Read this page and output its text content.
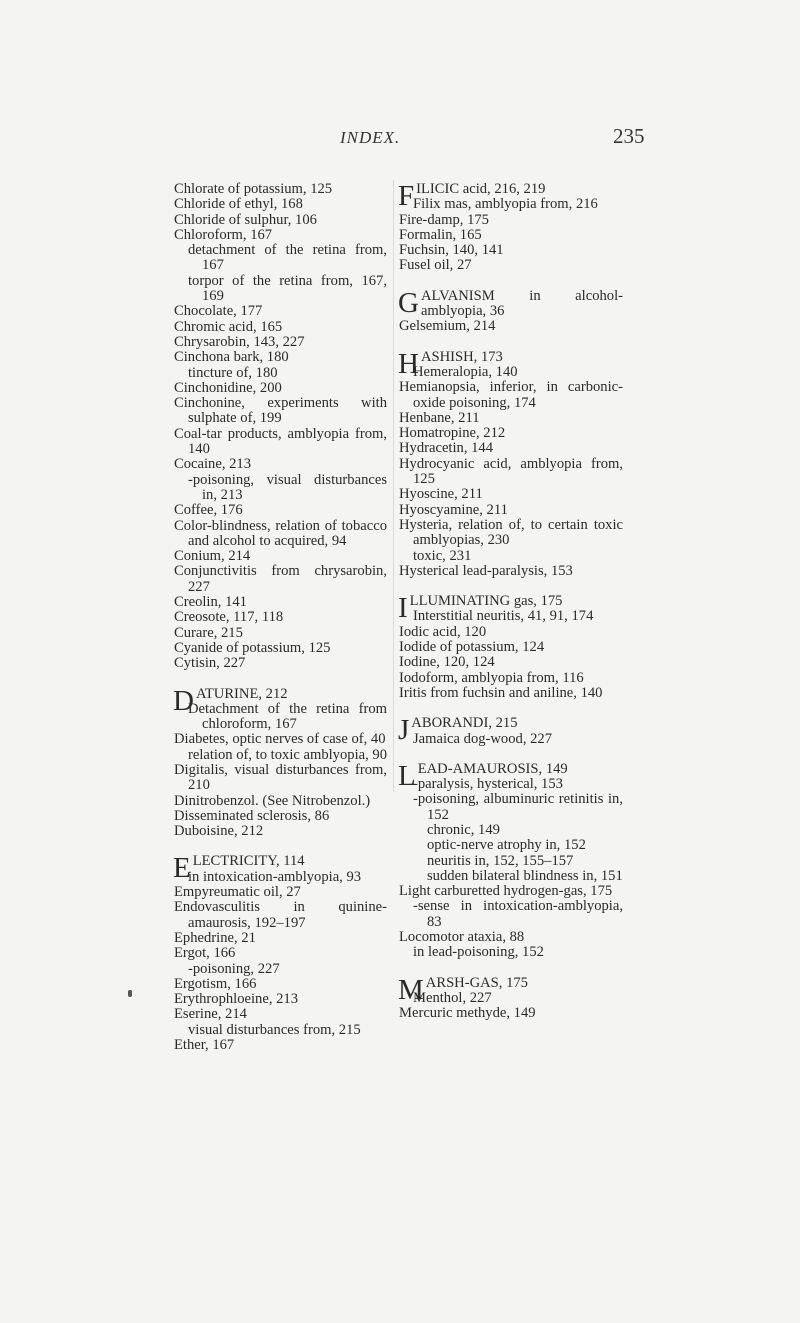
INDEX.	235
Chlorate of potassium, 125
Chloride of ethyl, 168
Chloride of sulphur, 106
Chloroform, 167
detachment of the retina from, 167
torpor of the retina from, 167, 169
Chocolate, 177
Chromic acid, 165
Chrysarobin, 143, 227
Cinchona bark, 180
tincture of, 180
Cinchonidine, 200
Cinchonine, experiments with sulphate of, 199
Coal-tar products, amblyopia from, 140
Cocaine, 213
-poisoning, visual disturbances in, 213
Coffee, 176
Color-blindness, relation of tobacco and alcohol to acquired, 94
Conium, 214
Conjunctivitis from chrysarobin, 227
Creolin, 141
Creosote, 117, 118
Curare, 215
Cyanide of potassium, 125
Cytisin, 227
DATURINE, 212
Detachment of the retina from chloroform, 167
Diabetes, optic nerves of case of, 40
relation of, to toxic amblyopia, 90
Digitalis, visual disturbances from, 210
Dinitrobenzol. (See Nitrobenzol.)
Disseminated sclerosis, 86
Duboisine, 212
ELECTRICITY, 114
in intoxication-amblyopia, 93
Empyreumatic oil, 27
Endovasculitis in quinine-amaurosis, 192–197
Ephedrine, 21
Ergot, 166
-poisoning, 227
Ergotism, 166
Erythrophloeine, 213
Eserine, 214
visual disturbances from, 215
Ether, 167
FILICIC acid, 216, 219
Filix mas, amblyopia from, 216
Fire-damp, 175
Formalin, 165
Fuchsin, 140, 141
Fusel oil, 27
GALVANISM in alcohol-amblyopia, 36
Gelsemium, 214
HASHISH, 173
Hemeralopia, 140
Hemianopsia, inferior, in carbonic-oxide poisoning, 174
Henbane, 211
Homatropine, 212
Hydracetin, 144
Hydrocyanic acid, amblyopia from, 125
Hyoscine, 211
Hyoscyamine, 211
Hysteria, relation of, to certain toxic amblyopias, 230
toxic, 231
Hysterical lead-paralysis, 153
ILLUMINATING gas, 175
Interstitial neuritis, 41, 91, 174
Iodic acid, 120
Iodide of potassium, 124
Iodine, 120, 124
Iodoform, amblyopia from, 116
Iritis from fuchsin and aniline, 140
JABORANDI, 215
Jamaica dog-wood, 227
LEAD-AMAUROSIS, 149
-paralysis, hysterical, 153
-poisoning, albuminuric retinitis in, 152
chronic, 149
optic-nerve atrophy in, 152
neuritis in, 152, 155–157
sudden bilateral blindness in, 151
Light carburetted hydrogen-gas, 175
-sense in intoxication-amblyopia, 83
Locomotor ataxia, 88
in lead-poisoning, 152
MARSH-GAS, 175
Menthol, 227
Mercuric methyde, 149
